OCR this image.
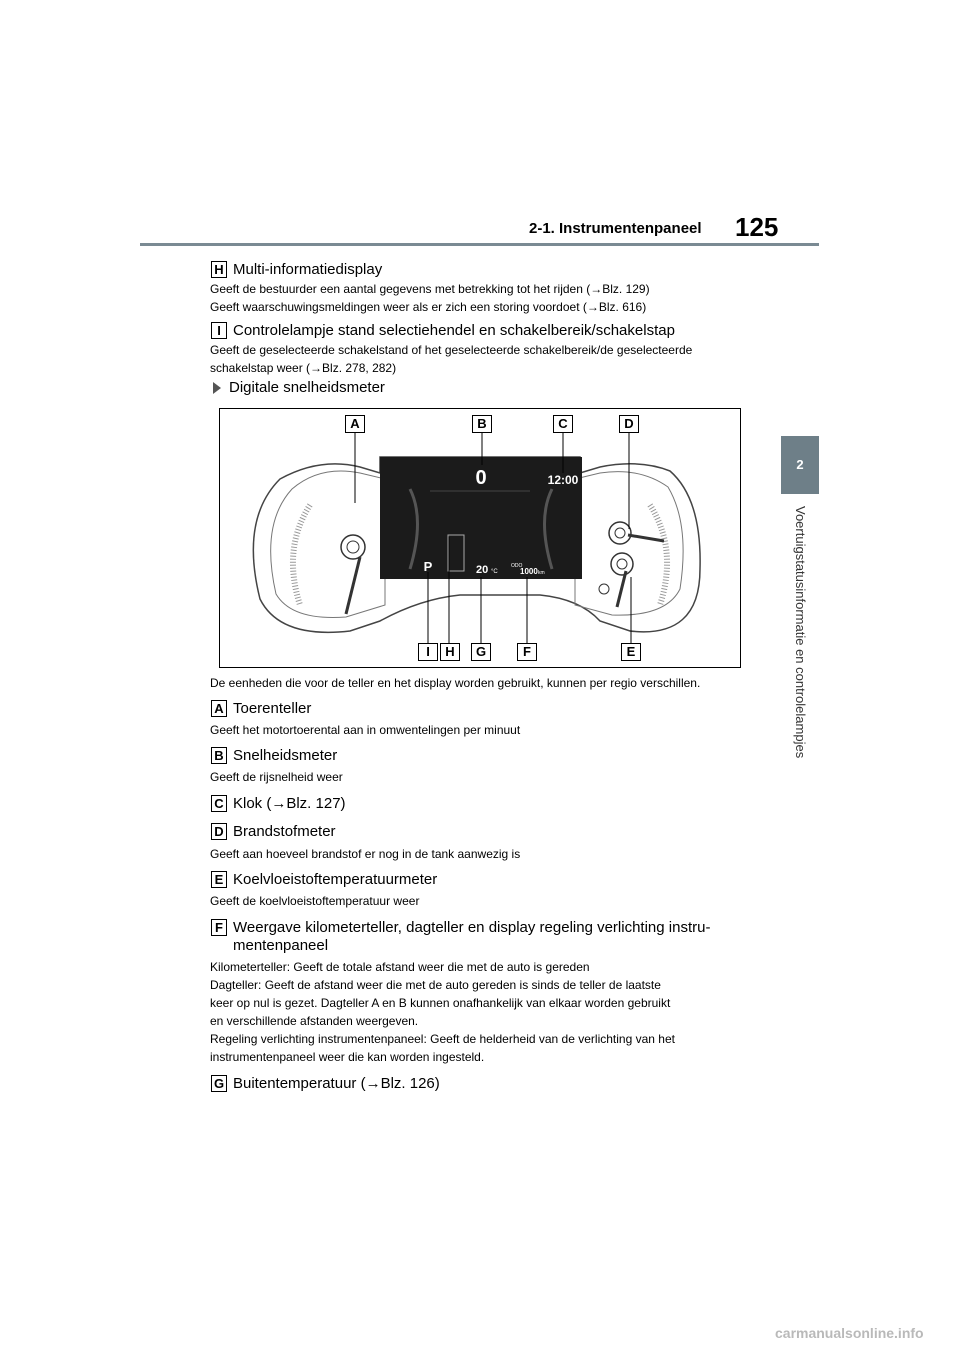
2-1. Instrumentenpaneel 125
2
Voertuigstatusinformatie en controlelampjes
H Multi-informatiedisplay
Geeft de bestuurder een aantal gegevens met betrekking tot het rijden (→Blz. 129)
Geeft waarschuwingsmeldingen weer als er zich een storing voordoet (→Blz. 616)
I Controlelampje stand selectiehendel en schakelbereik/schakelstap
Geeft de geselecteerde schakelstand of het geselecteerde schakelbereik/de geselecteerde
schakelstap weer (→Blz. 278, 282)
Digitale snelheidsmeter
0	12:00
P	20 °C
ODO
1000 km
A	B	C	D
I	H	G	F	E
De eenheden die voor de teller en het display worden gebruikt, kunnen per regio verschillen.
A Toerenteller
Geeft het motortoerental aan in omwentelingen per minuut
B Snelheidsmeter
Geeft de rijsnelheid weer
C Klok (→Blz. 127)
D Brandstofmeter
Geeft aan hoeveel brandstof er nog in de tank aanwezig is
E Koelvloeistoftemperatuurmeter
Geeft de koelvloeistoftemperatuur weer
F Weergave kilometerteller, dagteller en display regeling verlichting instru-
mentenpaneel
Kilometerteller: Geeft de totale afstand weer die met de auto is gereden
Dagteller: Geeft de afstand weer die met de auto gereden is sinds de teller de laatste
keer op nul is gezet. Dagteller A en B kunnen onafhankelijk van elkaar worden gebruikt
en verschillende afstanden weergeven.
Regeling verlichting instrumentenpaneel: Geeft de helderheid van de verlichting van het
instrumentenpaneel weer die kan worden ingesteld.
G Buitentemperatuur (→Blz. 126)
carmanualsonline.info
